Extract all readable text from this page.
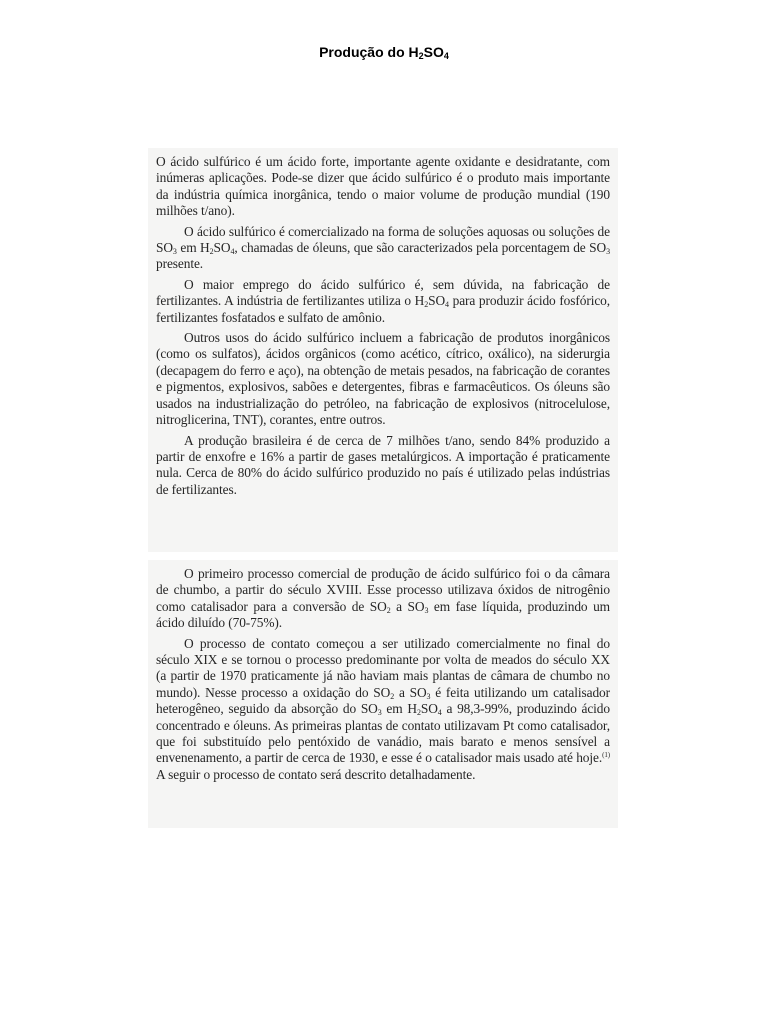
Produção do $H_2SO_4$

O ácido sulfúrico é um ácido forte, importante agente oxidante e desidratante, com inúmeras aplicações. Pode-se dizer que ácido sulfúrico é o produto mais importante da indústria química inorgânica, tendo o maior volume de produção mundial (190 milhões t/ano).

O ácido sulfúrico é comercializado na forma de soluções aquosas ou soluções de $SO_3$ em $H_2SO_4$, chamadas de óleuns, que são caracterizados pela porcentagem de $SO_3$ presente.

O maior emprego do ácido sulfúrico é, sem dúvida, na fabricação de fertilizantes. A indústria de fertilizantes utiliza o $H_2SO_4$ para produzir ácido fosfórico, fertilizantes fosfatados e sulfato de amônio.

Outros usos do ácido sulfúrico incluem a fabricação de produtos inorgânicos (como os sulfatos), ácidos orgânicos (como acético, cítrico, oxálico), na siderurgia (decapagem do ferro e aço), na obtenção de metais pesados, na fabricação de corantes e pigmentos, explosivos, sabões e detergentes, fibras e farmacêuticos. Os óleuns são usados na industrialização do petróleo, na fabricação de explosivos (nitrocelulose, nitroglicerina, TNT), corantes, entre outros.

A produção brasileira é de cerca de 7 milhões t/ano, sendo 84% produzido a partir de enxofre e 16% a partir de gases metalúrgicos. A importação é praticamente nula. Cerca de 80% do ácido sulfúrico produzido no país é utilizado pelas indústrias de fertilizantes.

O primeiro processo comercial de produção de ácido sulfúrico foi o da câmara de chumbo, a partir do século XVIII. Esse processo utilizava óxidos de nitrogênio como catalisador para a conversão de $SO_2$ a $SO_3$ em fase líquida, produzindo um ácido diluído (70-75%).

O processo de contato começou a ser utilizado comercialmente no final do século XIX e se tornou o processo predominante por volta de meados do século XX (a partir de 1970 praticamente já não haviam mais plantas de câmara de chumbo no mundo). Nesse processo a oxidação do $SO_2$ a $SO_3$ é feita utilizando um catalisador heterogêneo, seguido da absorção do $SO_3$ em $H_2SO_4$ a 98,3-99%, produzindo ácido concentrado e óleuns. As primeiras plantas de contato utilizavam Pt como catalisador, que foi substituído pelo pentóxido de vanádio, mais barato e menos sensível a envenenamento, a partir de cerca de 1930, e esse é o catalisador mais usado até hoje.$^{(1)}$ A seguir o processo de contato será descrito detalhadamente.
